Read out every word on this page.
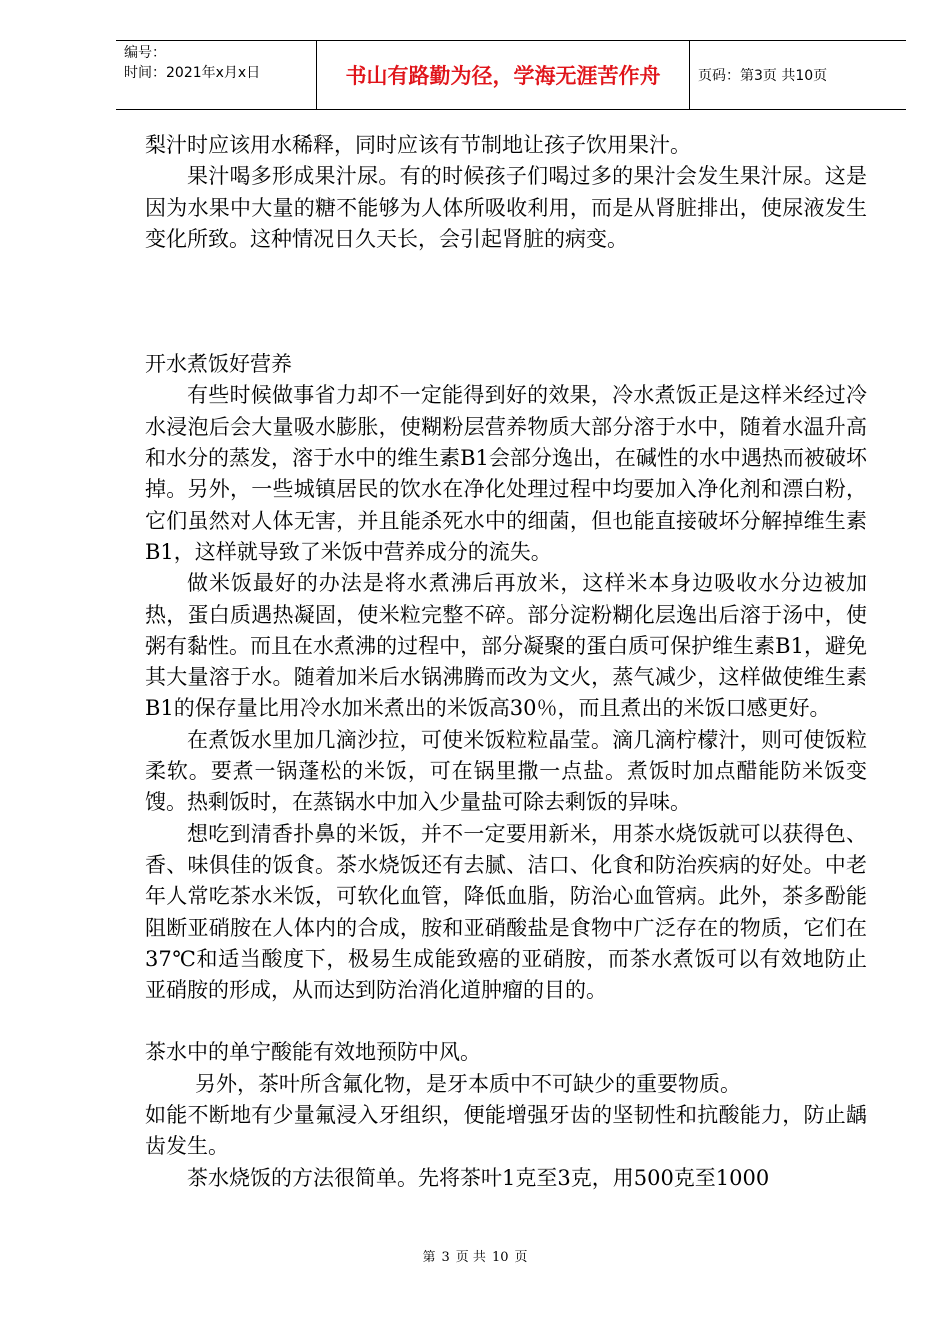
编号：
时间：2021年x月x日	书山有路勤为径，学海无涯苦作舟	页码：第3页 共10页

梨汁时应该用水稀释，同时应该有节制地让孩子饮用果汁。

果汁喝多形成果汁尿。有的时候孩子们喝过多的果汁会发生果汁尿。这是因为水果中大量的糖不能够为人体所吸收利用，而是从肾脏排出，使尿液发生变化所致。这种情况日久天长，会引起肾脏的病变。

开水煮饭好营养

有些时候做事省力却不一定能得到好的效果，冷水煮饭正是这样米经过冷水浸泡后会大量吸水膨胀，使糊粉层营养物质大部分溶于水中，随着水温升高和水分的蒸发，溶于水中的维生素B1会部分逸出，在碱性的水中遇热而被破坏掉。另外，一些城镇居民的饮水在净化处理过程中均要加入净化剂和漂白粉，它们虽然对人体无害，并且能杀死水中的细菌，但也能直接破坏分解掉维生素B1，这样就导致了米饭中营养成分的流失。

做米饭最好的办法是将水煮沸后再放米，这样米本身边吸收水分边被加热，蛋白质遇热凝固，使米粒完整不碎。部分淀粉糊化层逸出后溶于汤中，使粥有黏性。而且在水煮沸的过程中，部分凝聚的蛋白质可保护维生素B1，避免其大量溶于水。随着加米后水锅沸腾而改为文火，蒸气减少，这样做使维生素B1的保存量比用冷水加米煮出的米饭高30％，而且煮出的米饭口感更好。

在煮饭水里加几滴沙拉，可使米饭粒粒晶莹。滴几滴柠檬汁，则可使饭粒柔软。要煮一锅蓬松的米饭，可在锅里撒一点盐。煮饭时加点醋能防米饭变馊。热剩饭时，在蒸锅水中加入少量盐可除去剩饭的异味。

想吃到清香扑鼻的米饭，并不一定要用新米，用茶水烧饭就可以获得色、香、味俱佳的饭食。茶水烧饭还有去腻、洁口、化食和防治疾病的好处。中老年人常吃茶水米饭，可软化血管，降低血脂，防治心血管病。此外，茶多酚能阻断亚硝胺在人体内的合成，胺和亚硝酸盐是食物中广泛存在的物质，它们在37℃和适当酸度下，极易生成能致癌的亚硝胺，而茶水煮饭可以有效地防止亚硝胺的形成，从而达到防治消化道肿瘤的目的。

茶水中的单宁酸能有效地预防中风。

另外，茶叶所含氟化物，是牙本质中不可缺少的重要物质。

如能不断地有少量氟浸入牙组织，便能增强牙齿的坚韧性和抗酸能力，防止龋齿发生。

茶水烧饭的方法很简单。先将茶叶1克至3克，用500克至1000

第 3 页 共 10 页
